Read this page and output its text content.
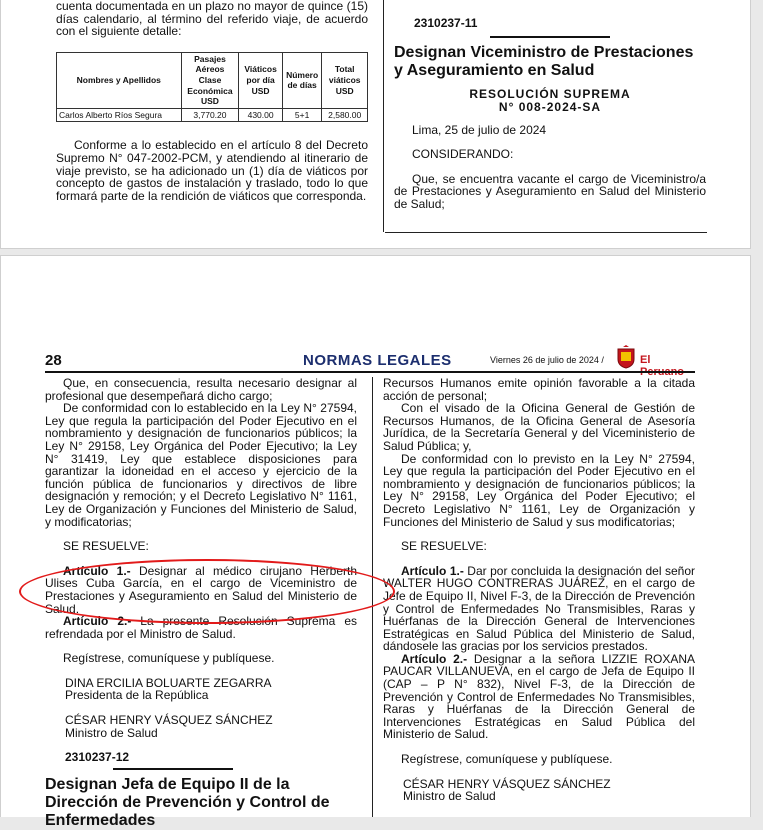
cuenta documentada en un plazo no mayor de quince (15) días calendario, al término del referido viaje, de acuerdo con el siguiente detalle:

Nombres y Apellidos	Pasajes Aéreos Clase Económica USD	Viáticos por día USD	Número de días	Total viáticos USD
Carlos Alberto Ríos Segura	3,770.20	430.00	5+1	2,580.00

Conforme a lo establecido en el artículo 8 del Decreto Supremo N° 047-2002-PCM, y atendiendo al itinerario de viaje previsto, se ha adicionado un (1) día de viáticos por concepto de gastos de instalación y traslado, todo lo que formará parte de la rendición de viáticos que corresponda.

2310237-11

Designan Viceministro de Prestaciones y Aseguramiento en Salud

RESOLUCIÓN SUPREMA

N° 008-2024-SA

Lima, 25 de julio de 2024

CONSIDERANDO:

Que, se encuentra vacante el cargo de Viceministro/a de Prestaciones y Aseguramiento en Salud del Ministerio de Salud;

28	NORMAS LEGALES	Viernes 26 de julio de 2024 /	El

Que, en consecuencia, resulta necesario designar al profesional que desempeñará dicho cargo;

De conformidad con lo establecido en la Ley N° 27594, Ley que regula la participación del Poder Ejecutivo en el nombramiento y designación de funcionarios públicos; la Ley N° 29158, Ley Orgánica del Poder Ejecutivo; la Ley N° 31419, Ley que establece disposiciones para garantizar la idoneidad en el acceso y ejercicio de la función pública de funcionarios y directivos de libre designación y remoción; y el Decreto Legislativo N° 1161, Ley de Organización y Funciones del Ministerio de Salud, y modificatorias;

SE RESUELVE:

Artículo 1.- Designar al médico cirujano Herberth Ulises Cuba García, en el cargo de Viceministro de Prestaciones y Aseguramiento en Salud del Ministerio de Salud.

Artículo 2.- La presente Resolución Suprema es refrendada por el Ministro de Salud.

Regístrese, comuníquese y publíquese.

DINA ERCILIA BOLUARTE ZEGARRA

Presidenta de la República

CÉSAR HENRY VÁSQUEZ SÁNCHEZ

Ministro de Salud

2310237-12

Designan Jefa de Equipo II de la Dirección de Prevención y Control de Enfermedades

Recursos Humanos emite opinión favorable a la citada acción de personal;

Con el visado de la Oficina General de Gestión de Recursos Humanos, de la Oficina General de Asesoría Jurídica, de la Secretaría General y del Viceministerio de Salud Pública; y,

De conformidad con lo previsto en la Ley N° 27594, Ley que regula la participación del Poder Ejecutivo en el nombramiento y designación de funcionarios públicos; la Ley N° 29158, Ley Orgánica del Poder Ejecutivo; el Decreto Legislativo N° 1161, Ley de Organización y Funciones del Ministerio de Salud y sus modificatorias;

SE RESUELVE:

Artículo 1.- Dar por concluida la designación del señor WALTER HUGO CONTRERAS JUÁREZ, en el cargo de Jefe de Equipo II, Nivel F-3, de la Dirección de Prevención y Control de Enfermedades No Transmisibles, Raras y Huérfanas de la Dirección General de Intervenciones Estratégicas en Salud Pública del Ministerio de Salud, dándosele las gracias por los servicios prestados.

Artículo 2.- Designar a la señora LIZZIE ROXANA PAUCAR VILLANUEVA, en el cargo de Jefa de Equipo II (CAP – P N° 832), Nivel F-3, de la Dirección de Prevención y Control de Enfermedades No Transmisibles, Raras y Huérfanas de la Dirección General de Intervenciones Estratégicas en Salud Pública del Ministerio de Salud.

Regístrese, comuníquese y publíquese.

CÉSAR HENRY VÁSQUEZ SÁNCHEZ

Ministro de Salud
